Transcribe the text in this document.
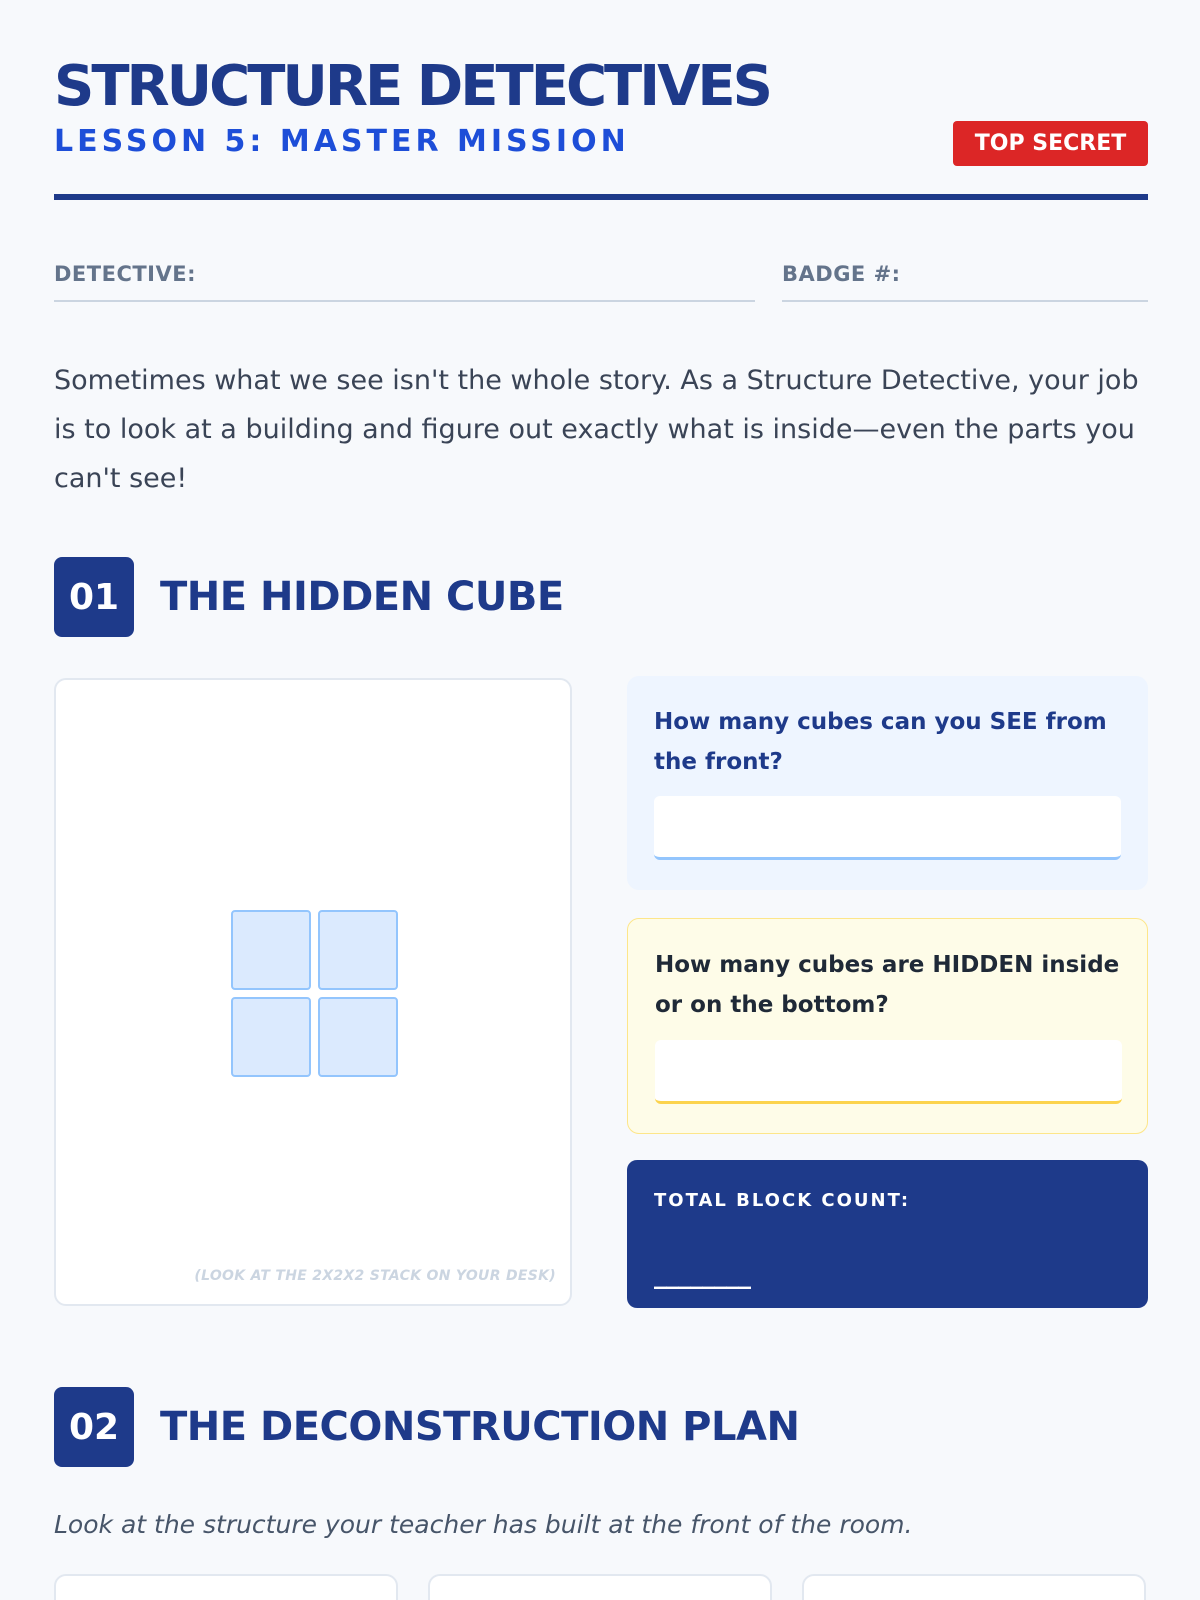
STRUCTURE DETECTIVES
LESSON 5: MASTER MISSION	TOP SECRET
DETECTIVE:	BADGE #:

Sometimes what we see isn't the whole story. As a Structure Detective, your job is to look at a building and figure out exactly what is inside—even the parts you can't see!

01	THE HIDDEN CUBE
(LOOK AT THE 2X2X2 STACK ON YOUR DESK)
How many cubes can you SEE from the front?
How many cubes are HIDDEN inside or on the bottom?
TOTAL BLOCK COUNT:
________
02	THE DECONSTRUCTION PLAN

Look at the structure your teacher has built at the front of the room.
